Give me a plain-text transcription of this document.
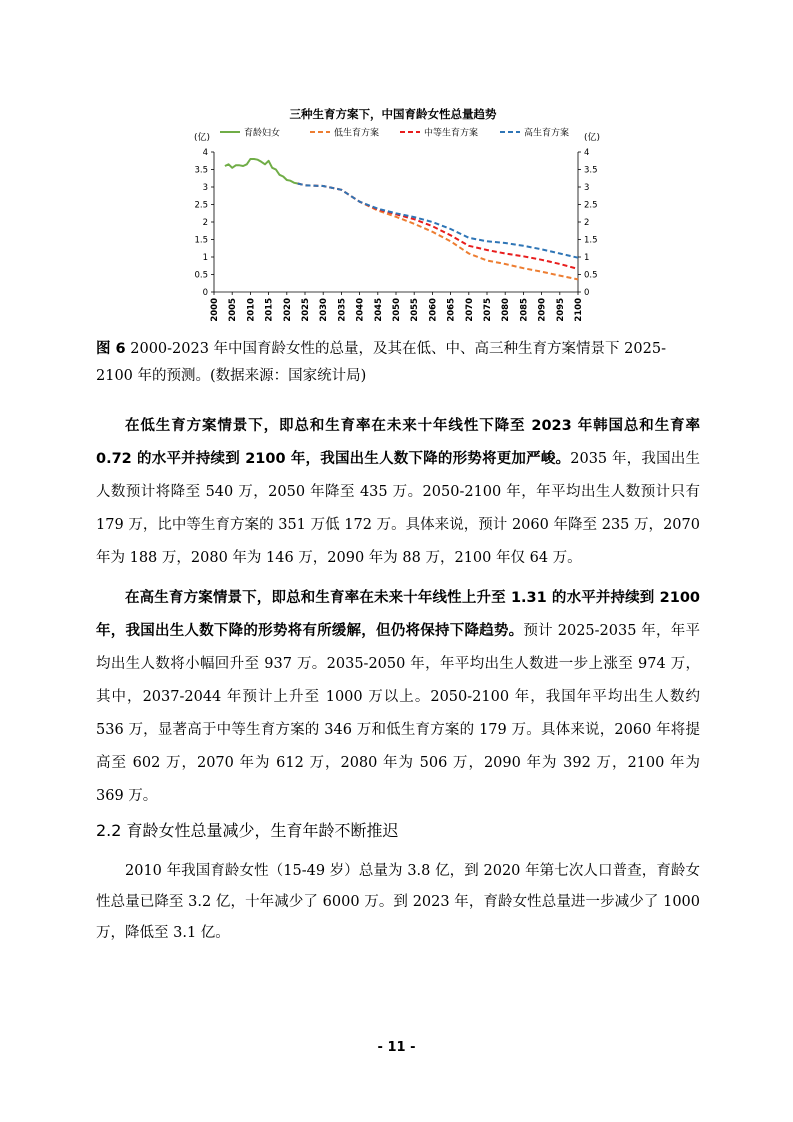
三种生育方案下，中国育龄女性总量趋势
(亿)	(亿)
育龄妇女	低生育方案	中等生育方案	高生育方案
0	0
0.5	0.5
1	1
1.5	1.5
2	2
2.5	2.5
3	3
3.5	3.5
4	4
2000 2005 2010 2015 2020 2025 2030 2035 2040 2045 2050 2055 2060 2065 2070 2075 2080 2085 2090 2095 2100
图 6 2000-2023 年中国育龄女性的总量，及其在低、中、高三种生育方案情景下 2025-2100 年的预测。(数据来源：国家统计局)
在低生育方案情景下，即总和生育率在未来十年线性下降至 2023 年韩国总和生育率 0.72 的水平并持续到 2100 年，我国出生人数下降的形势将更加严峻。2035 年，我国出生人数预计将降至 540 万，2050 年降至 435 万。2050-2100 年，年平均出生人数预计只有 179 万，比中等生育方案的 351 万低 172 万。具体来说，预计 2060 年降至 235 万，2070 年为 188 万，2080 年为 146 万，2090 年为 88 万，2100 年仅 64 万。
在高生育方案情景下，即总和生育率在未来十年线性上升至 1.31 的水平并持续到 2100 年，我国出生人数下降的形势将有所缓解，但仍将保持下降趋势。预计 2025-2035 年，年平均出生人数将小幅回升至 937 万。2035-2050 年，年平均出生人数进一步上涨至 974 万，其中，2037-2044 年预计上升至 1000 万以上。2050-2100 年，我国年平均出生人数约 536 万，显著高于中等生育方案的 346 万和低生育方案的 179 万。具体来说，2060 年将提高至 602 万，2070 年为 612 万，2080 年为 506 万，2090 年为 392 万，2100 年为 369 万。
2.2 育龄女性总量减少，生育年龄不断推迟
2010 年我国育龄女性（15-49 岁）总量为 3.8 亿，到 2020 年第七次人口普查，育龄女性总量已降至 3.2 亿，十年减少了 6000 万。到 2023 年，育龄女性总量进一步减少了 1000 万，降低至 3.1 亿。
- 11 -
